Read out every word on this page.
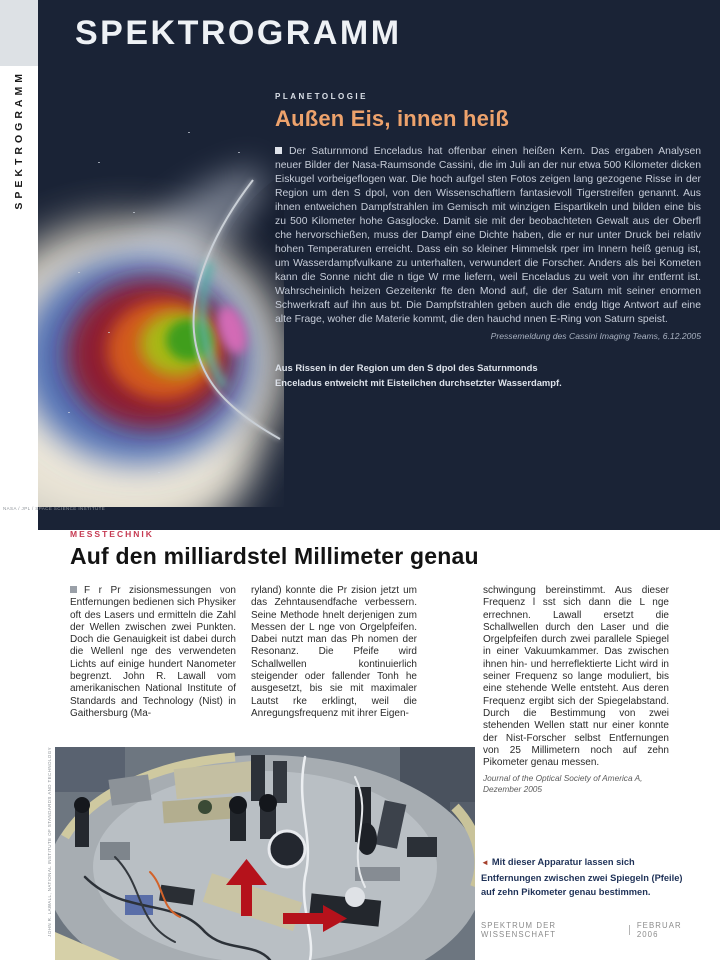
SPEKTROGRAMM
SPEKTROGRAMM
PLANETOLOGIE
Außen Eis, innen heiß
Der Saturnmond Enceladus hat offenbar einen heißen Kern. Das ergaben Analysen neuer Bilder der Nasa-Raumsonde Cassini, die im Juli an der nur etwa 500 Kilometer dicken Eiskugel vorbeigeflogen war. Die hoch aufgel sten Fotos zeigen lang gezogene Risse in der Region um den S dpol, von den Wissenschaftlern fantasievoll Tigerstreifen genannt. Aus ihnen entweichen Dampfstrahlen im Gemisch mit winzigen Eispartikeln und bilden eine bis zu 500 Kilometer hohe Gasglocke. Damit sie mit der beobachteten Gewalt aus der Oberfl che hervorschießen, muss der Dampf eine Dichte haben, die er nur unter Druck bei relativ hohen Temperaturen erreicht. Dass ein so kleiner Himmelsk rper im Innern heiß genug ist, um Wasserdampfvulkane zu unterhalten, verwundert die Forscher. Anders als bei Kometen kann die Sonne nicht die n tige W rme liefern, weil Enceladus zu weit von ihr entfernt ist. Wahrscheinlich heizen Gezeitenkr fte den Mond auf, die der Saturn mit seiner enormen Schwerkraft auf ihn aus bt. Die Dampfstrahlen geben auch die endg ltige Antwort auf eine alte Frage, woher die Materie kommt, die den hauchd nnen E-Ring von Saturn speist.
Pressemeldung des Cassini Imaging Teams, 6.12.2005
Aus Rissen in der Region um den S dpol des Saturnmonds Enceladus entweicht mit Eisteilchen durchsetzter Wasserdampf.
NASA / JPL / SPACE SCIENCE INSTITUTE
MESSTECHNIK
Auf den milliardstel Millimeter genau
F r Pr zisionsmessungen von Entfernungen bedienen sich Physiker oft des Lasers und ermitteln die Zahl der Wellen zwischen zwei Punkten. Doch die Genauigkeit ist dabei durch die Wellenl nge des verwendeten Lichts auf einige hundert Nanometer begrenzt. John R. Lawall vom amerikanischen National Institute of Standards and Technology (Nist) in Gaithersburg (Ma-
ryland) konnte die Pr zision jetzt um das Zehntausendfache verbessern. Seine Methode hnelt derjenigen zum Messen der L nge von Orgelpfeifen. Dabei nutzt man das Ph nomen der Resonanz. Die Pfeife wird Schallwellen kontinuierlich steigender oder fallender Tonh he ausgesetzt, bis sie mit maximaler Lautst rke erklingt, weil die Anregungsfrequenz mit ihrer Eigen-
schwingung bereinstimmt. Aus dieser Frequenz l sst sich dann die L nge errechnen. Lawall ersetzt die Schallwellen durch den Laser und die Orgelpfeifen durch zwei parallele Spiegel in einer Vakuumkammer. Das zwischen ihnen hin- und herreflektierte Licht wird in seiner Frequenz so lange moduliert, bis eine stehende Welle entsteht. Aus deren Frequenz ergibt sich der Spiegelabstand. Durch die Bestimmung von zwei stehenden Wellen statt nur einer konnte der Nist-Forscher selbst Entfernungen von 25 Millimetern noch auf zehn Pikometer genau messen.
Journal of the Optical Society of America A, Dezember 2005
JOHN R. LAWALL, NATIONAL INSTITUTE OF STANDARDS AND TECHNOLOGY	◄ Mit dieser Apparatur lassen sich Entfernungen zwischen zwei Spiegeln (Pfeile) auf zehn Pikometer genau bestimmen.
SPEKTRUM DER WISSENSCHAFT
FEBRUAR 2006
